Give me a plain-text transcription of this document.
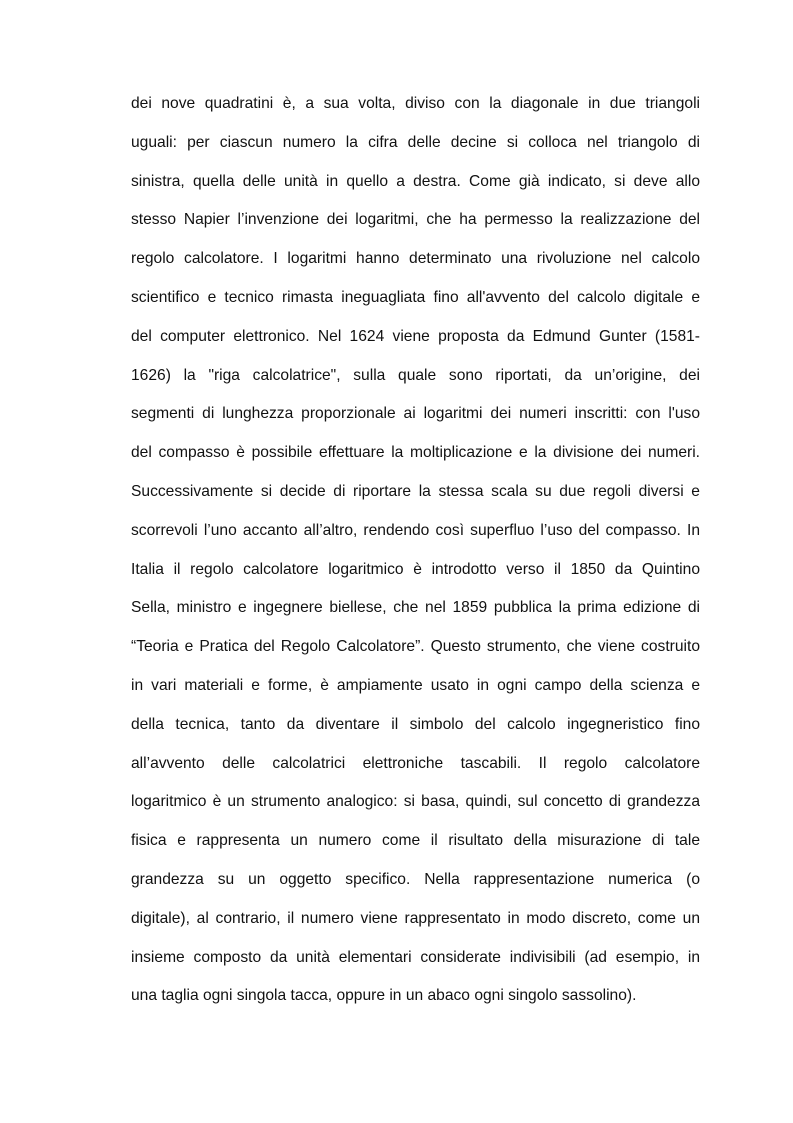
dei nove quadratini è, a sua volta, diviso con la diagonale in due triangoli
uguali: per ciascun numero la cifra delle decine si colloca nel triangolo di
sinistra, quella delle unità in quello a destra. Come già indicato, si deve allo
stesso Napier l’invenzione dei logaritmi, che ha permesso la realizzazione del
regolo calcolatore. I logaritmi hanno determinato una rivoluzione nel calcolo
scientifico e tecnico rimasta ineguagliata fino all'avvento del calcolo digitale e
del computer elettronico. Nel 1624 viene proposta da Edmund Gunter (1581-
1626) la "riga calcolatrice", sulla quale sono riportati, da un’origine, dei
segmenti di lunghezza proporzionale ai logaritmi dei numeri inscritti: con l'uso
del compasso è possibile effettuare la moltiplicazione e la divisione dei numeri.
Successivamente si decide di riportare la stessa scala su due regoli diversi e
scorrevoli l’uno accanto all’altro, rendendo così superfluo l’uso del compasso. In
Italia il regolo calcolatore logaritmico è introdotto verso il 1850 da Quintino
Sella, ministro e ingegnere biellese, che nel 1859 pubblica la prima edizione di
“Teoria e Pratica del Regolo Calcolatore”. Questo strumento, che viene costruito
in vari materiali e forme, è ampiamente usato in ogni campo della scienza e
della tecnica, tanto da diventare il simbolo del calcolo ingegneristico fino
all’avvento delle calcolatrici elettroniche tascabili. Il regolo calcolatore
logaritmico è un strumento analogico: si basa, quindi, sul concetto di grandezza
fisica e rappresenta un numero come il risultato della misurazione di tale
grandezza su un oggetto specifico. Nella rappresentazione numerica (o
digitale), al contrario, il numero viene rappresentato in modo discreto, come un
insieme composto da unità elementari considerate indivisibili (ad esempio, in
una taglia ogni singola tacca, oppure in un abaco ogni singolo sassolino).
